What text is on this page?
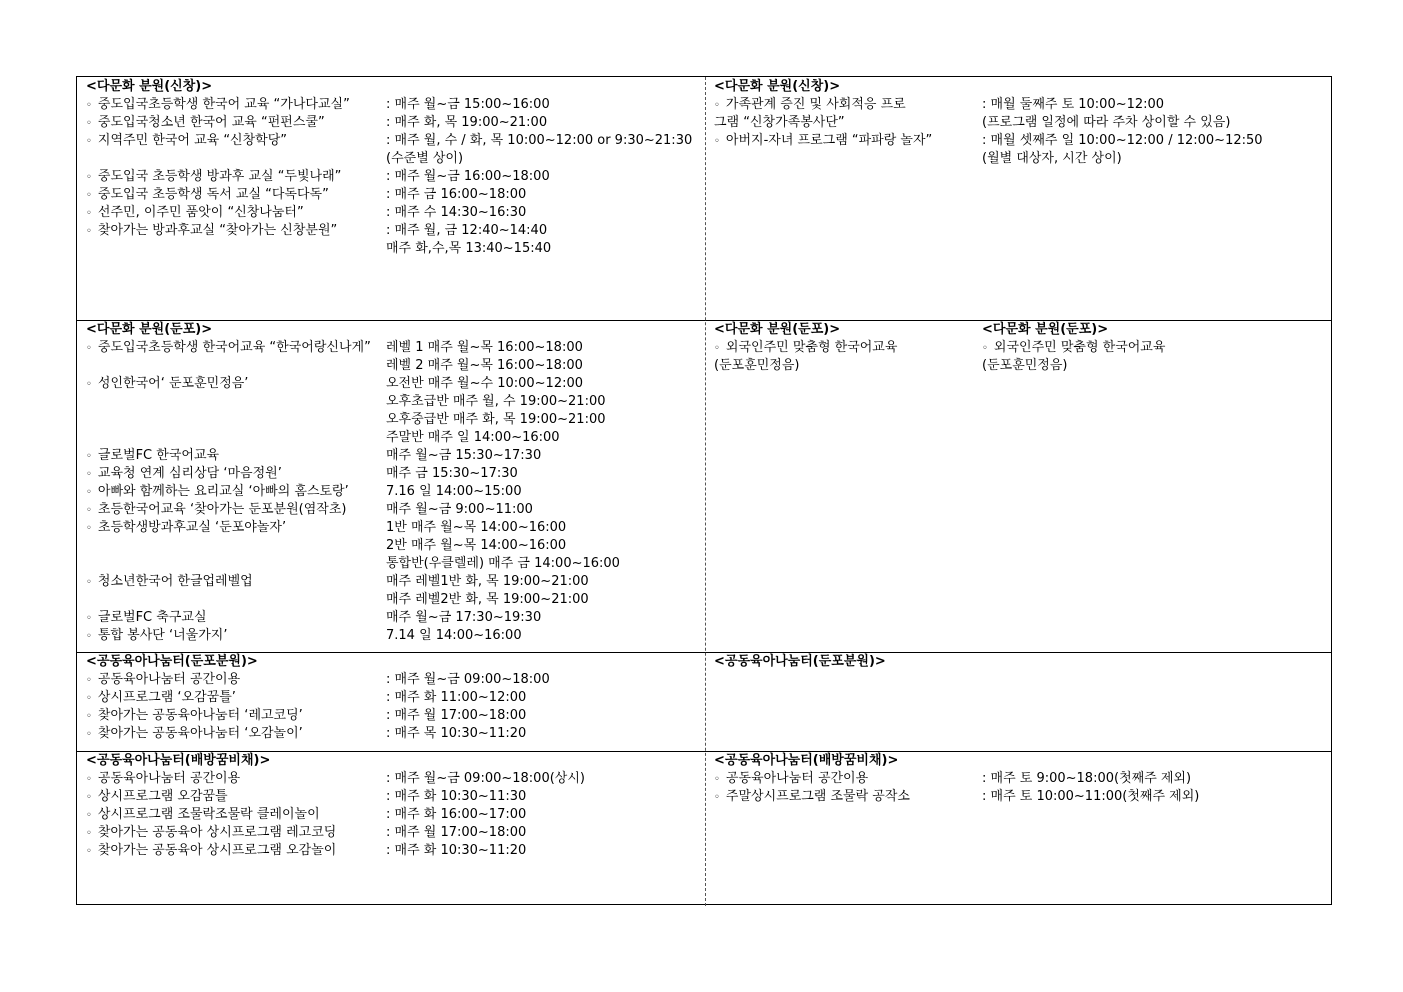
<다문화 분원(신창)>
◦ 중도입국초등학생 한국어 교육 “가나다교실”	: 매주 월~금 15:00~16:00
◦ 중도입국청소년 한국어 교육 “펀펀스쿨”	: 매주 화, 목 19:00~21:00
◦ 지역주민 한국어 교육 “신창학당”	: 매주 월, 수 / 화, 목 10:00~12:00 or 9:30~21:30
(수준별 상이)
◦ 중도입국 초등학생 방과후 교실 “두빛나래”	: 매주 월~금 16:00~18:00
◦ 중도입국 초등학생 독서 교실 “다독다독”	: 매주 금 16:00~18:00
◦ 선주민, 이주민 품앗이 “신창나눔터”	: 매주 수 14:30~16:30
◦ 찾아가는 방과후교실 “찾아가는 신창분원”	: 매주 월, 금 12:40~14:40
매주 화,수,목 13:40~15:40
<다문화 분원(신창)>
◦ 가족관계 증진 및 사회적응 프로	: 매월 둘째주 토 10:00~12:00
그램 “신창가족봉사단”	(프로그램 일정에 따라 주차 상이할 수 있음)
◦ 아버지-자녀 프로그램 “파파랑 놀자”	: 매월 셋째주 일 10:00~12:00 / 12:00~12:50
(월별 대상자, 시간 상이)
<다문화 분원(둔포)>
◦ 중도입국초등학생 한국어교육 “한국어랑신나게” 레벨 1 매주 월~목 16:00~18:00
레벨 2 매주 월~목 16:00~18:00
◦ 성인한국어‘ 둔포훈민정음’	오전반 매주 월~수 10:00~12:00
오후초급반 매주 월, 수 19:00~21:00
오후중급반 매주 화, 목 19:00~21:00
주말반 매주 일 14:00~16:00
◦ 글로벌FC 한국어교육	매주 월~금 15:30~17:30
◦ 교육청 연계 심리상담 ‘마음정원’	매주 금 15:30~17:30
◦ 아빠와 함께하는 요리교실 ‘아빠의 홈스토랑’	7.16 일 14:00~15:00
◦ 초등한국어교육 ‘찾아가는 둔포분원(염작초)	매주 월~금 9:00~11:00
◦ 초등학생방과후교실 ‘둔포야놀자’	1반 매주 월~목 14:00~16:00
2반 매주 월~목 14:00~16:00
통합반(우클렐레) 매주 금 14:00~16:00
◦ 청소년한국어 한글업레벨업	매주 레벨1반 화, 목 19:00~21:00
매주 레벨2반 화, 목 19:00~21:00
◦ 글로벌FC 축구교실	매주 월~금 17:30~19:30
◦ 통합 봉사단 ‘너울가지’	7.14 일 14:00~16:00
<다문화 분원(둔포)>	<다문화 분원(둔포)>
◦ 외국인주민 맞춤형 한국어교육	◦ 외국인주민 맞춤형 한국어교육
(둔포훈민정음)	(둔포훈민정음)
<공동육아나눔터(둔포분원)>
◦ 공동육아나눔터 공간이용	: 매주 월~금 09:00~18:00
◦ 상시프로그램 ‘오감꿈틀’	: 매주 화 11:00~12:00
◦ 찾아가는 공동육아나눔터 ‘레고코딩’	: 매주 월 17:00~18:00
◦ 찾아가는 공동육아나눔터 ‘오감놀이’	: 매주 목 10:30~11:20
<공동육아나눔터(둔포분원)>
<공동육아나눔터(배방꿈비채)>
◦ 공동육아나눔터 공간이용	: 매주 월~금 09:00~18:00(상시)
◦ 상시프로그램 오감꿈틀	: 매주 화 10:30~11:30
◦ 상시프로그램 조물락조물락 클레이놀이	: 매주 화 16:00~17:00
◦ 찾아가는 공동육아 상시프로그램 레고코딩	: 매주 월 17:00~18:00
◦ 찾아가는 공동육아 상시프로그램 오감놀이	: 매주 화 10:30~11:20
<공동육아나눔터(배방꿈비채)>
◦ 공동육아나눔터 공간이용	: 매주 토 9:00~18:00(첫째주 제외)
◦ 주말상시프로그램 조물락 공작소	: 매주 토 10:00~11:00(첫째주 제외)
